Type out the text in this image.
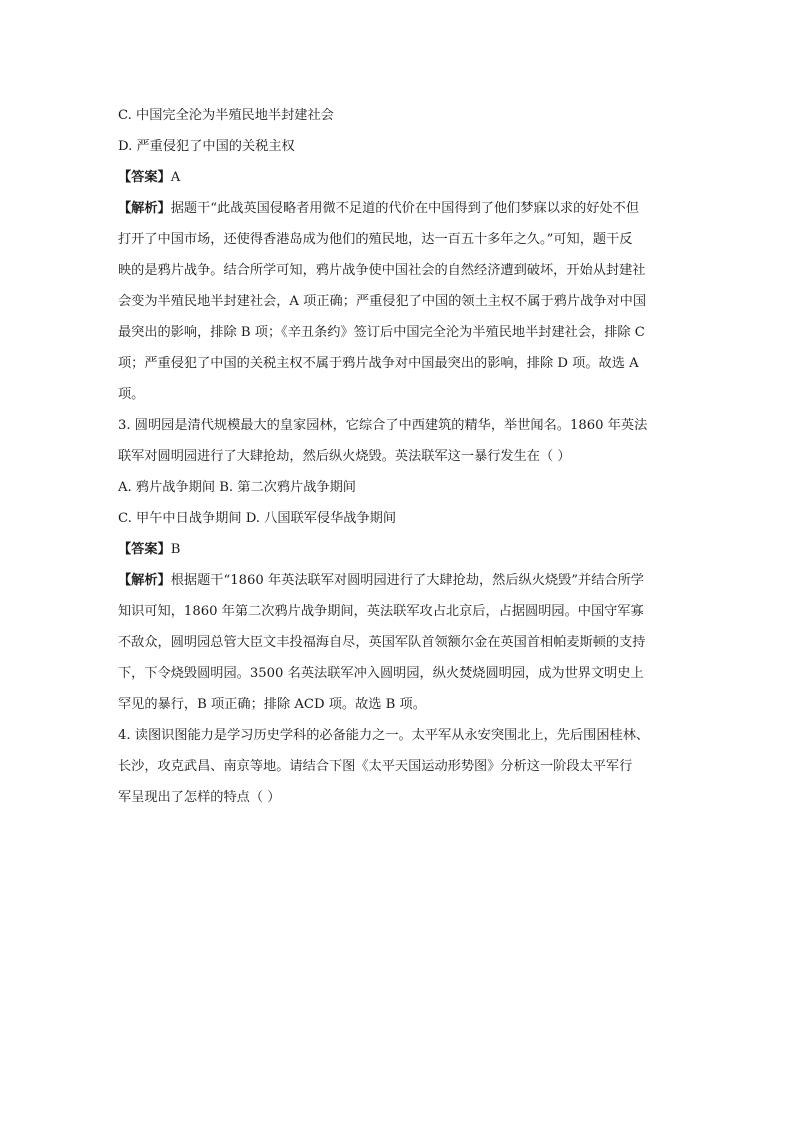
C. 中国完全沦为半殖民地半封建社会
D. 严重侵犯了中国的关税主权
【答案】A
【解析】据题干“此战英国侵略者用微不足道的代价在中国得到了他们梦寐以求的好处不但
打开了中国市场，还使得香港岛成为他们的殖民地，达一百五十多年之久。”可知，题干反
映的是鸦片战争。结合所学可知，鸦片战争使中国社会的自然经济遭到破坏，开始从封建社
会变为半殖民地半封建社会，A 项正确；严重侵犯了中国的领土主权不属于鸦片战争对中国
最突出的影响，排除 B 项；《辛丑条约》签订后中国完全沦为半殖民地半封建社会，排除 C
项；严重侵犯了中国的关税主权不属于鸦片战争对中国最突出的影响，排除 D 项。故选 A
项。
3. 圆明园是清代规模最大的皇家园林，它综合了中西建筑的精华，举世闻名。1860 年英法
联军对圆明园进行了大肆抢劫，然后纵火烧毁。英法联军这一暴行发生在（ ）
A. 鸦片战争期间 B. 第二次鸦片战争期间
C. 甲午中日战争期间 D. 八国联军侵华战争期间
【答案】B
【解析】根据题干“1860 年英法联军对圆明园进行了大肆抢劫，然后纵火烧毁”并结合所学
知识可知，1860 年第二次鸦片战争期间，英法联军攻占北京后，占据圆明园。中国守军寡
不敌众，圆明园总管大臣文丰投福海自尽，英国军队首领额尔金在英国首相帕麦斯顿的支持
下，下令烧毁圆明园。3500 名英法联军冲入圆明园，纵火焚烧圆明园，成为世界文明史上
罕见的暴行，B 项正确；排除 ACD 项。故选 B 项。
4. 读图识图能力是学习历史学科的必备能力之一。太平军从永安突围北上，先后围困桂林、
长沙，攻克武昌、南京等地。请结合下图《太平天国运动形势图》分析这一阶段太平军行
军呈现出了怎样的特点（ ）
